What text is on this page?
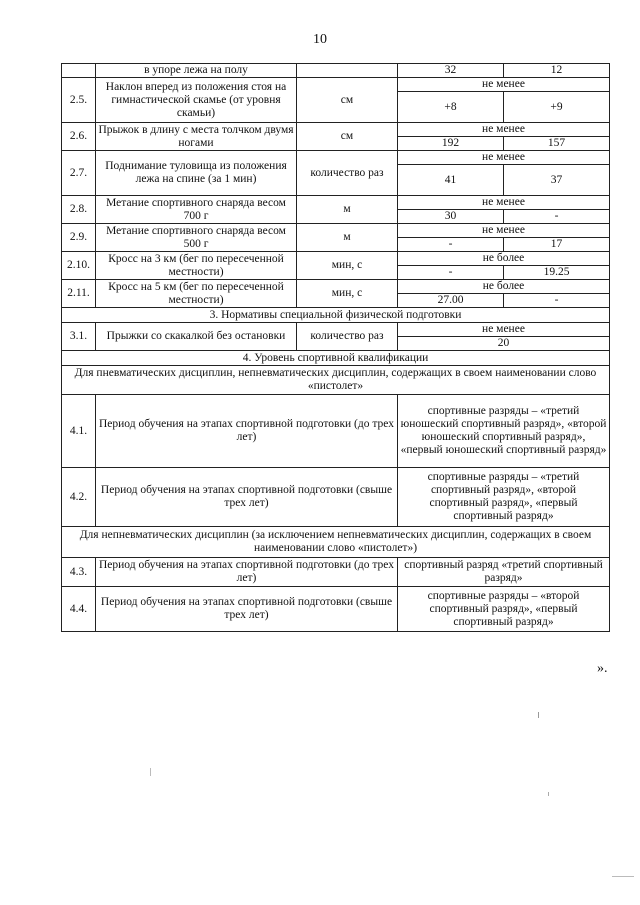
10
	в упоре лежа на полу		32	12
2.5.	Наклон вперед из положения стоя на гимнастической скамье (от уровня скамьи)	см	не менее	
			+8	+9
2.6.	Прыжок в длину с места толчком двумя ногами	см	не менее	
			192	157
2.7.	Поднимание туловища из положения лежа на спине (за 1 мин)	количество раз	не менее	
			41	37
2.8.	Метание спортивного снаряда весом 700 г	м	не менее	
			30	-
2.9.	Метание спортивного снаряда весом 500 г	м	не менее	
			-	17
2.10.	Кросс на 3 км (бег по пересеченной местности)	мин, с	не более	
			-	19.25
2.11.	Кросс на 5 км (бег по пересеченной местности)	мин, с	не более	
			27.00	-
3. Нормативы специальной физической подготовки				
3.1.	Прыжки со скакалкой без остановки	количество раз	не менее	
			20	
4. Уровень спортивной квалификации				
Для пневматических дисциплин, непневматических дисциплин, содержащих в своем наименовании слово «пистолет»				
4.1.	Период обучения на этапах спортивной подготовки (до трех лет)		спортивные разряды – «третий юношеский спортивный разряд», «второй юношеский спортивный разряд», «первый юношеский спортивный разряд»	
4.2.	Период обучения на этапах спортивной подготовки (свыше трех лет)		спортивные разряды – «третий спортивный разряд», «второй спортивный разряд», «первый спортивный разряд»	
Для непневматических дисциплин (за исключением непневматических дисциплин, содержащих в своем наименовании слово «пистолет»)				
4.3.	Период обучения на этапах спортивной подготовки (до трех лет)		спортивный разряд «третий спортивный разряд»	
4.4.	Период обучения на этапах спортивной подготовки (свыше трех лет)		спортивные разряды – «второй спортивный разряд», «первый спортивный разряд»	
».
